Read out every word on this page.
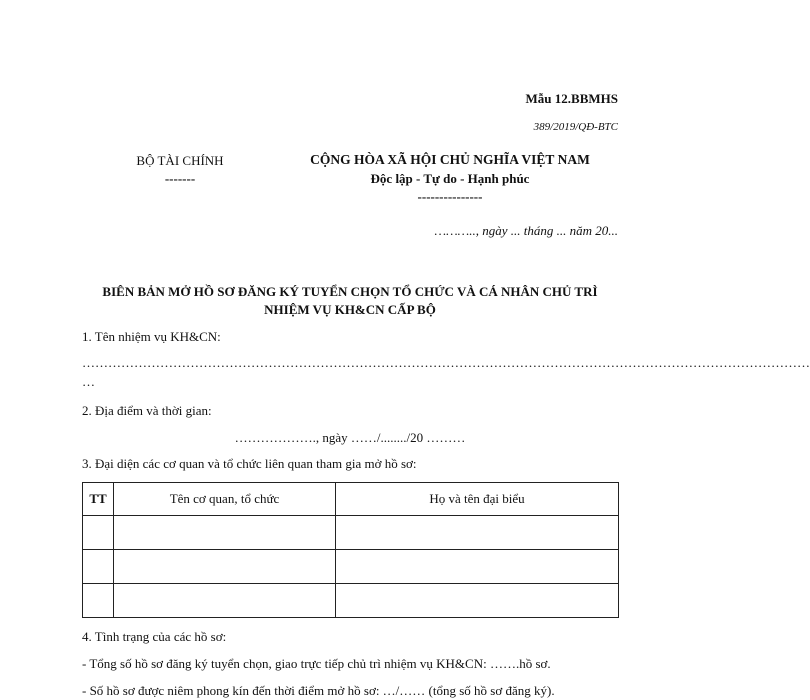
Mẫu 12.BBMHS
389/2019/QĐ-BTC
BỘ TÀI CHÍNH
-------
CỘNG HÒA XÃ HỘI CHỦ NGHĨA VIỆT NAM
Độc lập - Tự do - Hạnh phúc
---------------
……….., ngày ... tháng ... năm 20...
BIÊN BẢN MỞ HỒ SƠ ĐĂNG KÝ TUYỂN CHỌN TỔ CHỨC VÀ CÁ NHÂN CHỦ TRÌ
NHIỆM VỤ KH&CN CẤP BỘ
1. Tên nhiệm vụ KH&CN:
……………………………………………………………………………………………………………………………………………………
…
2. Địa điểm và thời gian:
………………., ngày ……/......../20 ………
3. Đại diện các cơ quan và tổ chức liên quan tham gia mở hồ sơ:
TT	Tên cơ quan, tổ chức	Họ và tên đại biểu

4. Tình trạng của các hồ sơ:
- Tổng số hồ sơ đăng ký tuyển chọn, giao trực tiếp chủ trì nhiệm vụ KH&CN: …….hồ sơ.
- Số hồ sơ được niêm phong kín đến thời điểm mở hồ sơ: …/…… (tổng số hồ sơ đăng ký).
